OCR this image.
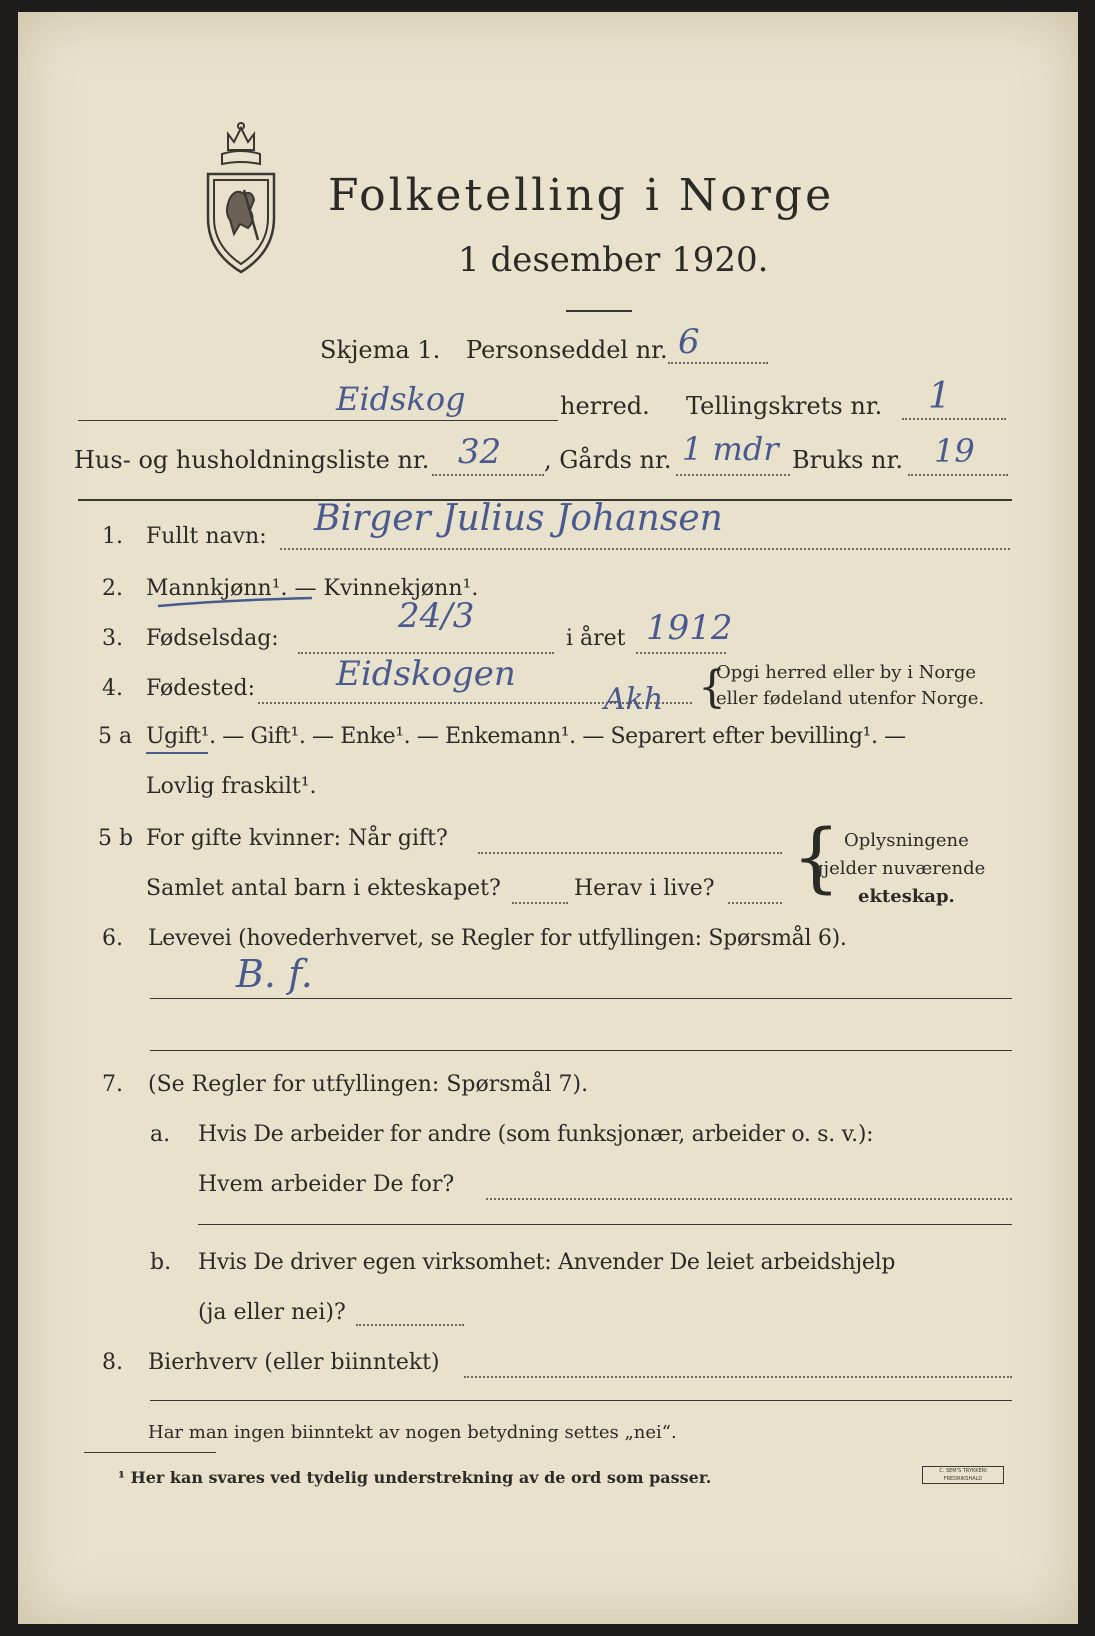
Folketelling i Norge
1 desember 1920.
Skjema 1. Personseddel nr. 6
Eidskog	herred. Tellingskrets nr. 1
Hus- og husholdningsliste nr. 32 , Gårds nr. 1 mdr Bruks nr. 19
1. Fullt navn: Birger Julius Johansen
2. Mannkjønn¹. — Kvinnekjønn¹.
3. Fødselsdag:
24/3
i året 1912
4. Fødested: Eidskogen
Akh {
Opgi herred eller by i Norge
eller fødeland utenfor Norge.
5 a Ugift¹. — Gift¹. — Enke¹. — Enkemann¹. — Separert efter bevilling¹. —
Lovlig fraskilt¹.
5 b For gifte kvinner: Når gift?
Samlet antal barn i ekteskapet?	Herav i live? { Oplysningene
gjelder nuværende
ekteskap.
6. Levevei (hovederhvervet, se Regler for utfyllingen: Spørsmål 6).
B. f.
7. (Se Regler for utfyllingen: Spørsmål 7).
a. Hvis De arbeider for andre (som funksjonær, arbeider o. s. v.):
Hvem arbeider De for?
b. Hvis De driver egen virksomhet: Anvender De leiet arbeidshjelp
(ja eller nei)?
8. Bierhverv (eller biinntekt)
Har man ingen biinntekt av nogen betydning settes „nei“.
¹ Her kan svares ved tydelig understrekning av de ord som passer.	C. SEM'S TRYKKERI FREDRIKSHALD
